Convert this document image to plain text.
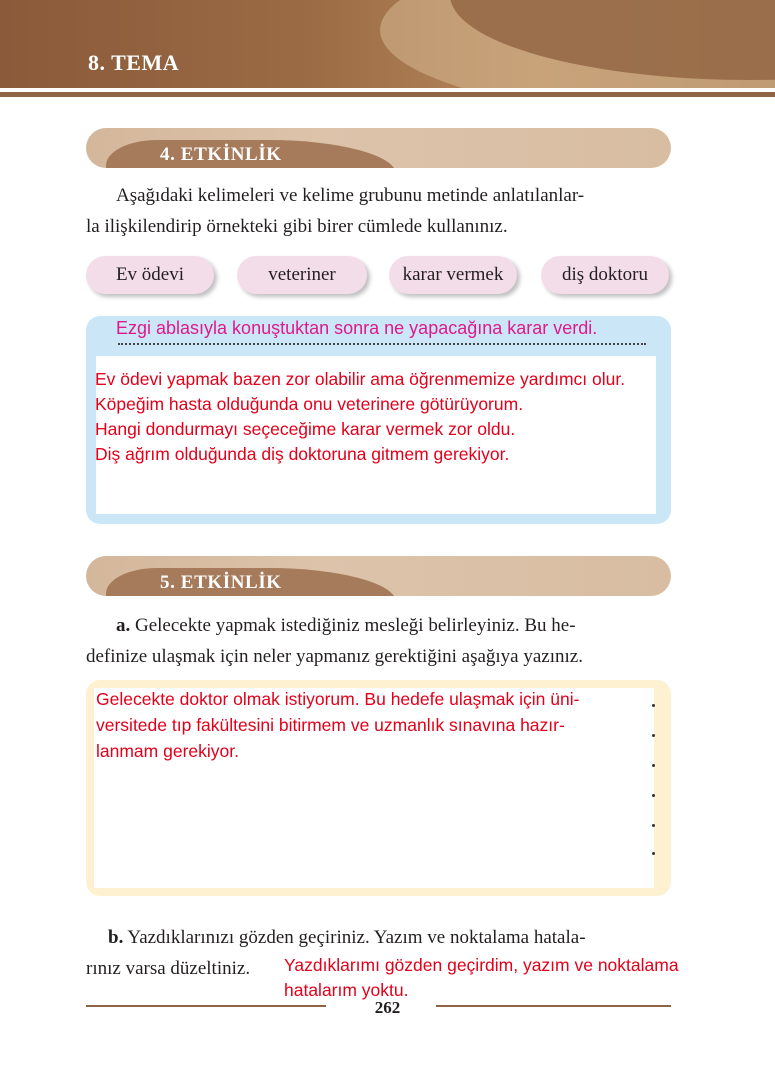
8. TEMA
4. ETKİNLİK
Aşağıdaki kelimeleri ve kelime grubunu metinde anlatılanlar-
la ilişkilendirip örnekteki gibi birer cümlede kullanınız.
Ev ödevi	veteriner	karar vermek	diş doktoru
Ezgi ablasıyla konuştuktan sonra ne yapacağına karar verdi.
Ev ödevi yapmak bazen zor olabilir ama öğrenmemize yardımcı olur.
Köpeğim hasta olduğunda onu veterinere götürüyorum.
Hangi dondurmayı seçeceğime karar vermek zor oldu.
Diş ağrım olduğunda diş doktoruna gitmem gerekiyor.
5. ETKİNLİK
a. Gelecekte yapmak istediğiniz mesleği belirleyiniz. Bu he-
definize ulaşmak için neler yapmanız gerektiğini aşağıya yazınız.
Gelecekte doktor olmak istiyorum. Bu hedefe ulaşmak için üni-
versitede tıp fakültesini bitirmem ve uzmanlık sınavına hazır-
lanmam gerekiyor.
b. Yazdıklarınızı gözden geçiriniz. Yazım ve noktalama hatala-
rınız varsa düzeltiniz.	Yazdıklarımı gözden geçirdim, yazım ve noktalama
hatalarım yoktu.
262
